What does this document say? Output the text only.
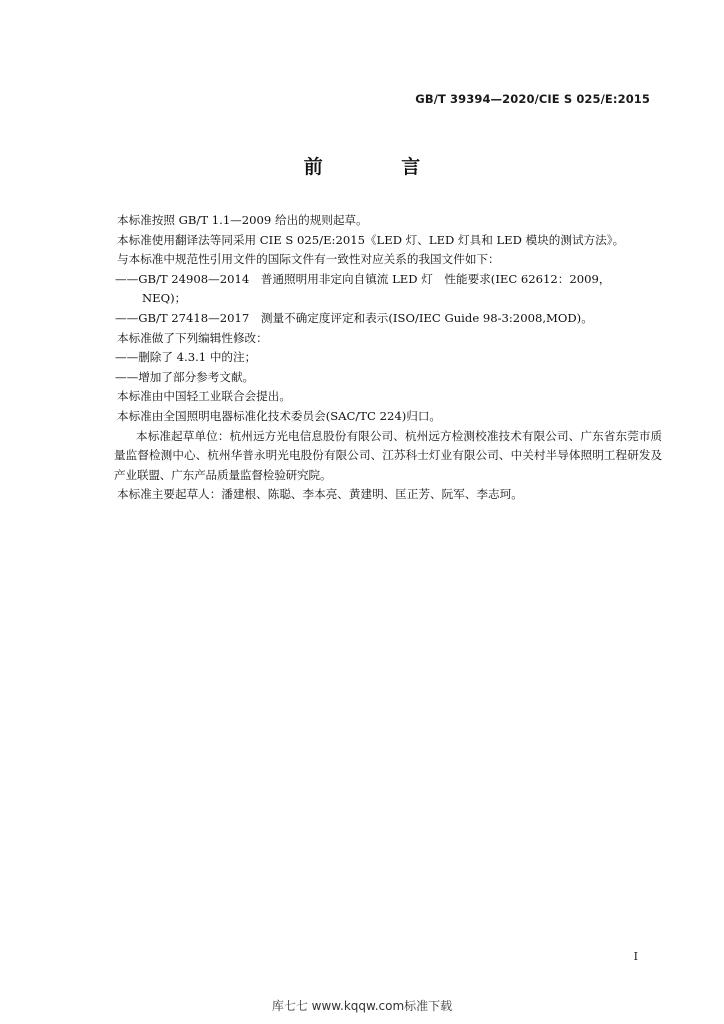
GB/T 39394—2020/CIE S 025/E:2015
前 言

本标准按照 GB/T 1.1—2009 给出的规则起草。

本标准使用翻译法等同采用 CIE S 025/E:2015《LED 灯、LED 灯具和 LED 模块的测试方法》。

与本标准中规范性引用文件的国际文件有一致性对应关系的我国文件如下：

——GB/T 24908—2014　普通照明用非定向自镇流 LED 灯　性能要求(IEC 62612：2009，

NEQ)；

——GB/T 27418—2017　测量不确定度评定和表示(ISO/IEC Guide 98-3:2008,MOD)。

本标准做了下列编辑性修改：

——删除了 4.3.1 中的注；

——增加了部分参考文献。

本标准由中国轻工业联合会提出。

本标准由全国照明电器标准化技术委员会(SAC/TC 224)归口。

本标准起草单位：杭州远方光电信息股份有限公司、杭州远方检测校准技术有限公司、广东省东莞市质量监督检测中心、杭州华普永明光电股份有限公司、江苏科士灯业有限公司、中关村半导体照明工程研发及产业联盟、广东产品质量监督检验研究院。

本标准主要起草人：潘建根、陈聪、李本亮、黄建明、匡正芳、阮军、李志珂。

I
库七七 www.kqqw.com标准下载
